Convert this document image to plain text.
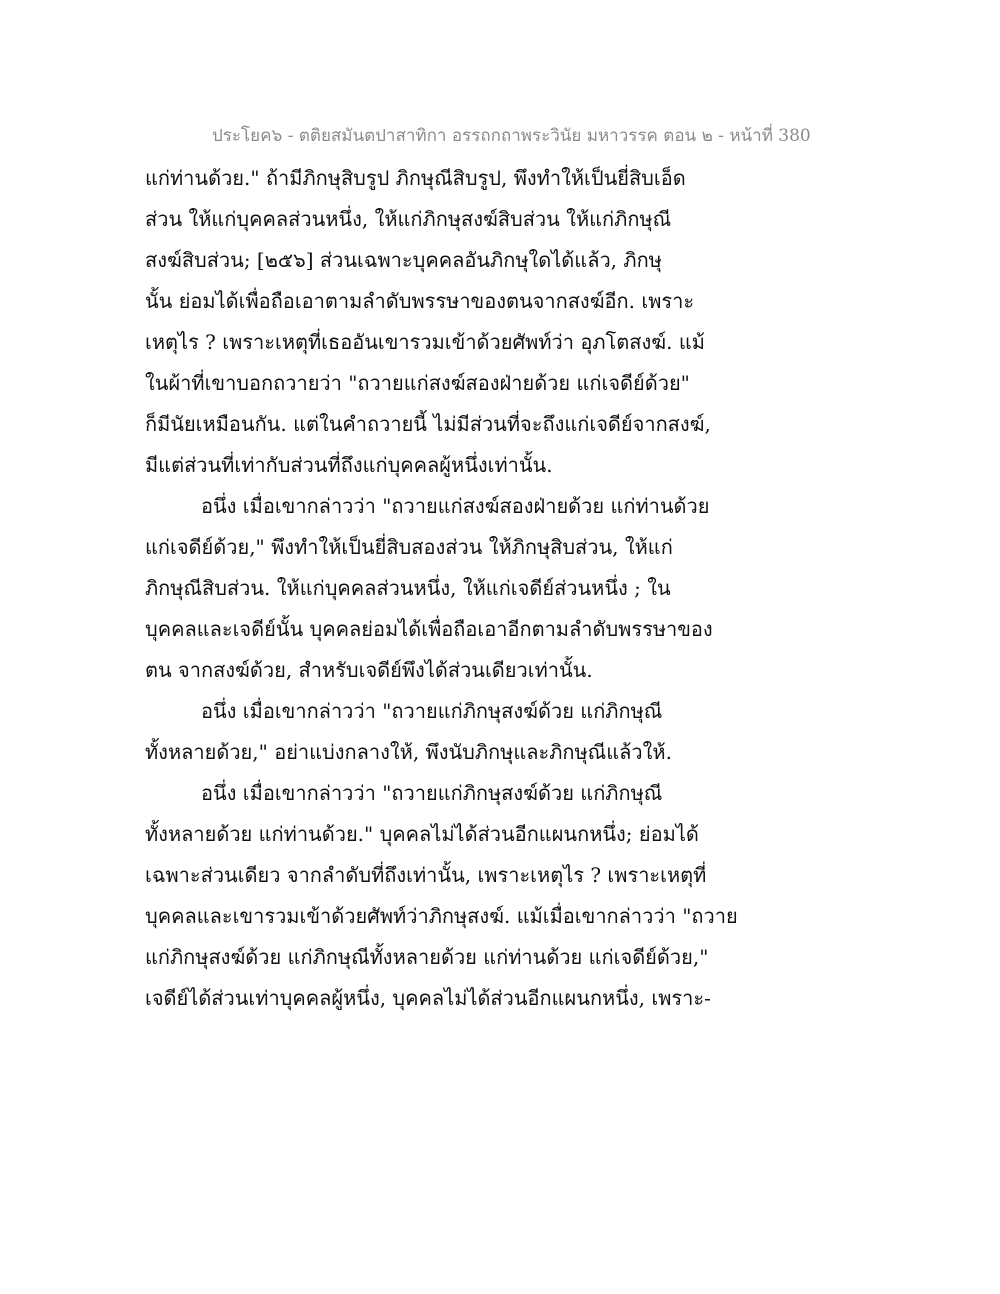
ประโยค๖ - ตติยสมันตปาสาทิกา อรรถกถาพระวินัย มหาวรรค ตอน ๒ - หน้าที่ 380
แก่ท่านด้วย." ถ้ามีภิกษุสิบรูป ภิกษุณีสิบรูป, พึงทำให้เป็นยี่สิบเอ็ด
ส่วน ให้แก่บุคคลส่วนหนึ่ง, ให้แก่ภิกษุสงฆ์สิบส่วน ให้แก่ภิกษุณี
สงฆ์สิบส่วน; [๒๕๖] ส่วนเฉพาะบุคคลอันภิกษุใดได้แล้ว, ภิกษุ
นั้น ย่อมได้เพื่อถือเอาตามลำดับพรรษาของตนจากสงฆ์อีก. เพราะ
เหตุไร ? เพราะเหตุที่เธออันเขารวมเข้าด้วยศัพท์ว่า อุภโตสงฆ์. แม้
ในผ้าที่เขาบอกถวายว่า "ถวายแก่สงฆ์สองฝ่ายด้วย แก่เจดีย์ด้วย"
ก็มีนัยเหมือนกัน. แต่ในคำถวายนี้ ไม่มีส่วนที่จะถึงแก่เจดีย์จากสงฆ์,
มีแต่ส่วนที่เท่ากับส่วนที่ถึงแก่บุคคลผู้หนึ่งเท่านั้น.
อนึ่ง เมื่อเขากล่าวว่า "ถวายแก่สงฆ์สองฝ่ายด้วย แก่ท่านด้วย
แก่เจดีย์ด้วย," พึงทำให้เป็นยี่สิบสองส่วน ให้ภิกษุสิบส่วน, ให้แก่
ภิกษุณีสิบส่วน. ให้แก่บุคคลส่วนหนึ่ง, ให้แก่เจดีย์ส่วนหนึ่ง ; ใน
บุคคลและเจดีย์นั้น บุคคลย่อมได้เพื่อถือเอาอีกตามลำดับพรรษาของ
ตน จากสงฆ์ด้วย, สำหรับเจดีย์พึงได้ส่วนเดียวเท่านั้น.
อนึ่ง เมื่อเขากล่าวว่า "ถวายแก่ภิกษุสงฆ์ด้วย แก่ภิกษุณี
ทั้งหลายด้วย," อย่าแบ่งกลางให้, พึงนับภิกษุและภิกษุณีแล้วให้.
อนึ่ง เมื่อเขากล่าวว่า "ถวายแก่ภิกษุสงฆ์ด้วย แก่ภิกษุณี
ทั้งหลายด้วย แก่ท่านด้วย." บุคคลไม่ได้ส่วนอีกแผนกหนึ่ง; ย่อมได้
เฉพาะส่วนเดียว จากลำดับที่ถึงเท่านั้น, เพราะเหตุไร ? เพราะเหตุที่
บุคคลและเขารวมเข้าด้วยศัพท์ว่าภิกษุสงฆ์. แม้เมื่อเขากล่าวว่า "ถวาย
แก่ภิกษุสงฆ์ด้วย แก่ภิกษุณีทั้งหลายด้วย แก่ท่านด้วย แก่เจดีย์ด้วย,"
เจดีย์ได้ส่วนเท่าบุคคลผู้หนึ่ง, บุคคลไม่ได้ส่วนอีกแผนกหนึ่ง, เพราะ-
